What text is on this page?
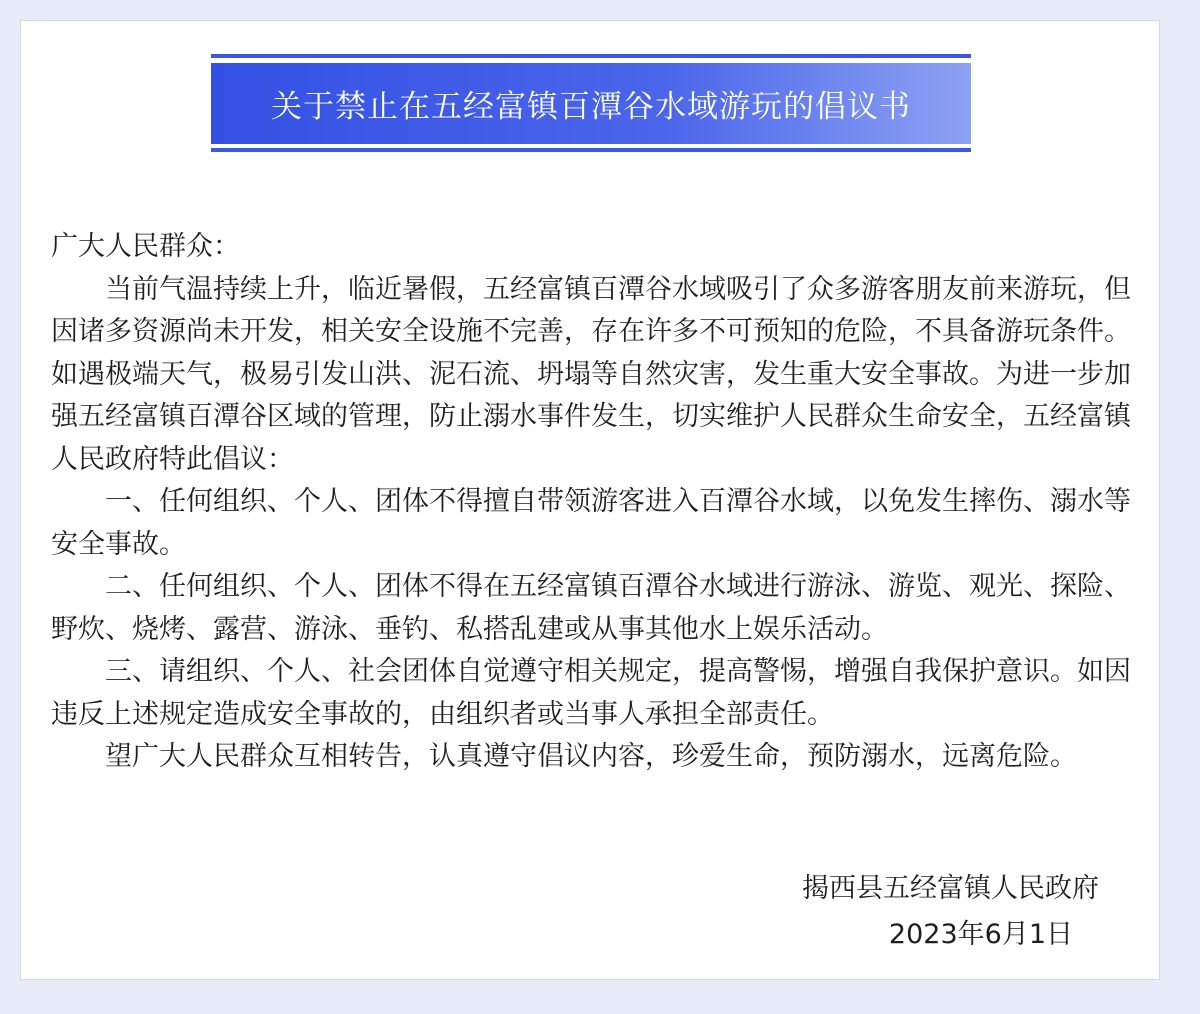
关于禁止在五经富镇百潭谷水域游玩的倡议书

广大人民群众：

当前气温持续上升，临近暑假，五经富镇百潭谷水域吸引了众多游客朋友前来游玩，但因诸多资源尚未开发，相关安全设施不完善，存在许多不可预知的危险，不具备游玩条件。如遇极端天气，极易引发山洪、泥石流、坍塌等自然灾害，发生重大安全事故。为进一步加强五经富镇百潭谷区域的管理，防止溺水事件发生，切实维护人民群众生命安全，五经富镇人民政府特此倡议：

一、任何组织、个人、团体不得擅自带领游客进入百潭谷水域，以免发生摔伤、溺水等安全事故。

二、任何组织、个人、团体不得在五经富镇百潭谷水域进行游泳、游览、观光、探险、野炊、烧烤、露营、游泳、垂钓、私搭乱建或从事其他水上娱乐活动。

三、请组织、个人、社会团体自觉遵守相关规定，提高警惕，增强自我保护意识。如因违反上述规定造成安全事故的，由组织者或当事人承担全部责任。

望广大人民群众互相转告，认真遵守倡议内容，珍爱生命，预防溺水，远离危险。

揭西县五经富镇人民政府
2023年6月1日
